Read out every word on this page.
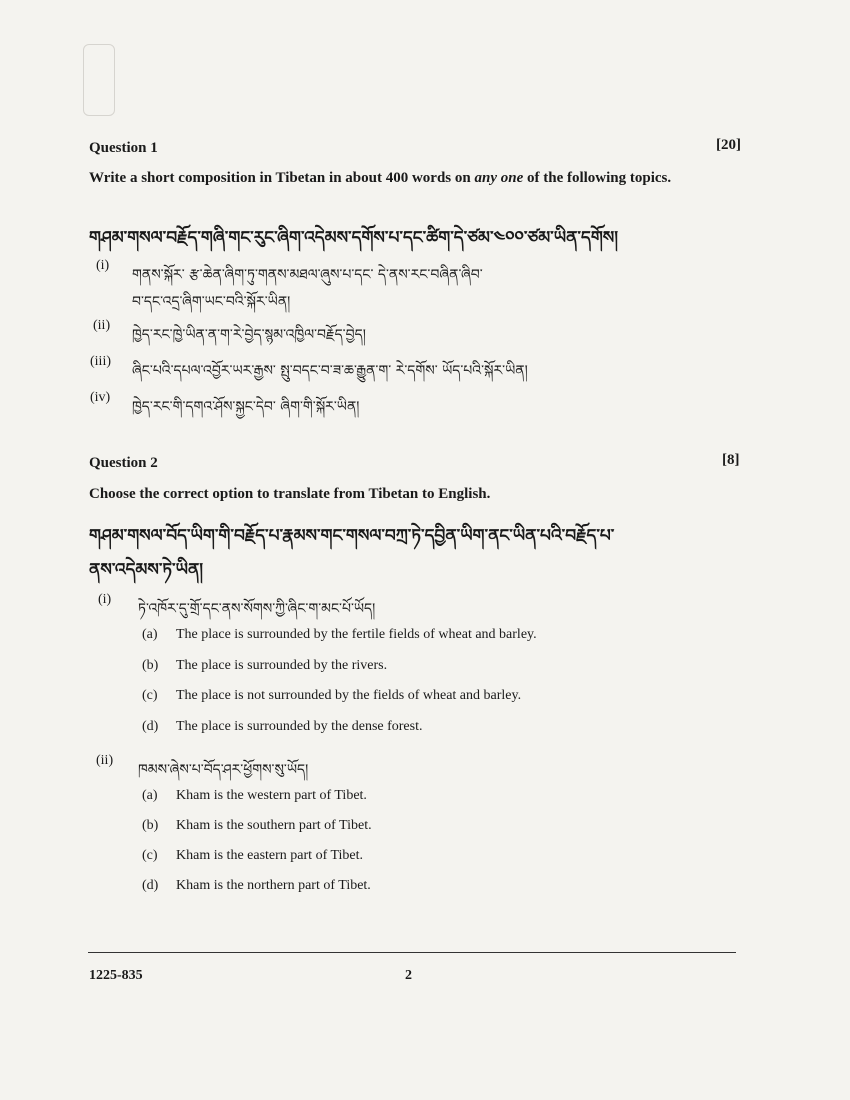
Question 1	[20]
Write a short composition in Tibetan in about 400 words on any one of the following topics.
གཤམ་གསལ་བརྗོད་གཞི་གང་རུང་ཞིག་འདེམས་དགོས་པ་དང་ཚིག་དེ་ཙམ་༤༠༠་ཙམ་ཡིན་དགོས།
(i)
གནས་སྐོར་ རྩ་ཆེན་ཞིག་ཏུ་གནས་མཐལ་ཞུས་པ་དང་ དེ་ནས་རང་བཞིན་ཞིབ་
བ་དང་འདྲ་ཞིག་ཡང་བའི་སྐོར་ཡིན།
(ii)
ཁྱེད་རང་ཁྱེ་ཡིན་ན་ག་རེ་བྱེད་སྙམ་འཁྱིལ་བརྗོད་བྱེད།
(iii)
ཞིང་པའི་དཔལ་འབྱོར་ཡར་རྒྱས་ སྤུ་བདང་བ་ཟ་ཆ་རྒྱུན་ག་ རེ་དགོས་ ཡོད་པའི་སྐོར་ཡིན།
(iv)
ཁྱེད་རང་གི་དགའ་ཤོས་སྐྱང་དེབ་ ཞིག་གི་སྐོར་ཡིན།
Question 2	[8]
Choose the correct option to translate from Tibetan to English.
གཤམ་གསལ་བོད་ཡིག་གི་བརྗོད་པ་རྣམས་གང་གསལ་བཀྲ་ཏེ་དབྱིན་ཡིག་ནང་ཡིན་པའི་བརྗོད་པ་
ནས་འདེམས་ཏེ་ཡིན།
(i)
ཏེ་འཁོར་དུ་གྲོ་དང་ནས་སོགས་ཀྱི་ཞིང་ག་མང་པོ་ཡོད།
(a) The place is surrounded by the fertile fields of wheat and barley.
(b) The place is surrounded by the rivers.
(c) The place is not surrounded by the fields of wheat and barley.
(d) The place is surrounded by the dense forest.
(ii)
ཁམས་ཞེས་པ་བོད་ཤར་ཕྱོགས་སུ་ཡོད།
(a) Kham is the western part of Tibet.
(b) Kham is the southern part of Tibet.
(c) Kham is the eastern part of Tibet.
(d) Kham is the northern part of Tibet.
1225-835	2
